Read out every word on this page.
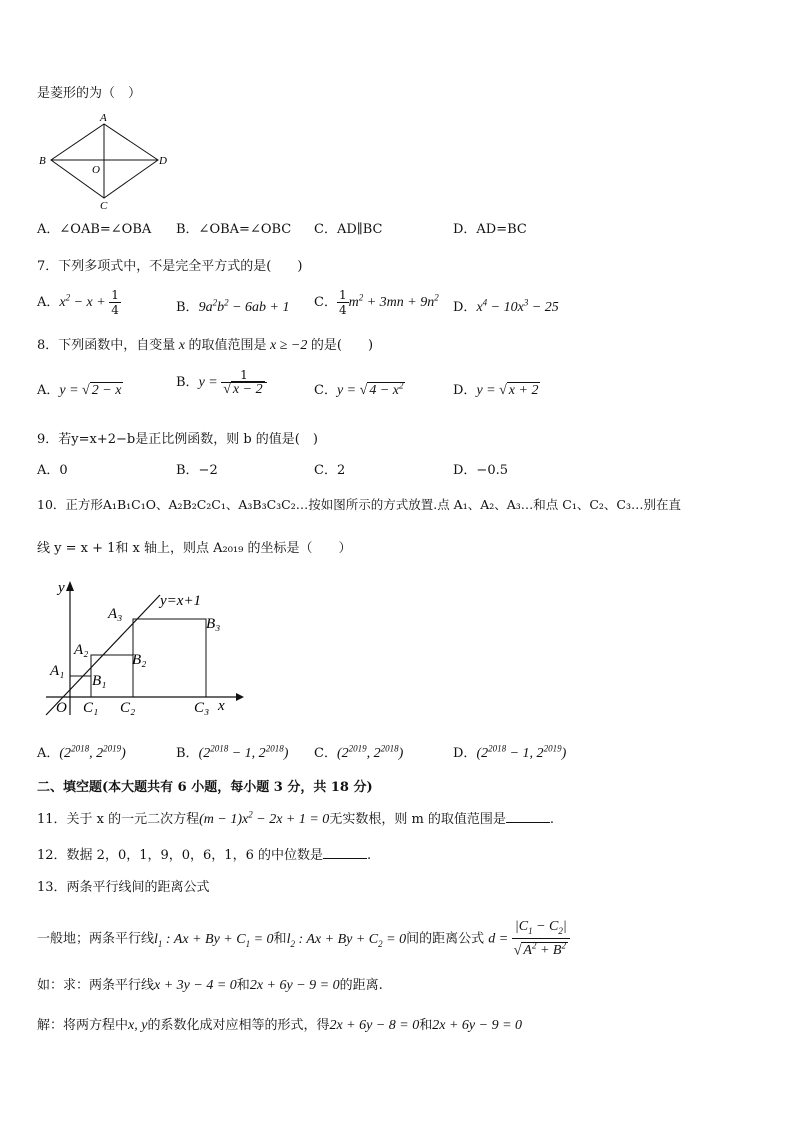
是菱形的为（　）
A
B
O
D
C
A．∠OAB=∠OBA B．∠OBA=∠OBC C．AD∥BC	D．AD=BC
7．下列多项式中，不是完全平方式的是(　　)
A．$x^2 - x + \frac{1}{4}$	B．$9a^2b^2 - 6ab + 1$ C． $\frac{1}{4} m^2 + 3mn + 9n^2$
D．$x^4 - 10x^3 - 25$
8．下列函数中，自变量 x 的取值范围是 x ≥ −2 的是(　　)
A．y = √ 2 − x
B．$y = \frac{1}{√ x - 2}$	C．y = √ $4 - x^2$	D．y = √ x + 2
9．若y=x+2−b是正比例函数，则 b 的值是(　)
A．0	B．−2	C．2	D．−0.5
10．正方形A₁B₁C₁O、A₂B₂C₂C₁、A₃B₃C₃C₂…按如图所示的方式放置.点 A₁、A₂、A₃…和点 C₁、C₂、C₃…别在直
线 y = x + 1和 x 轴上，则点 A₂₀₁₉ 的坐标是（　　）
y
x
y=x+1
O
A₁
A₂
A₃
B₁
B₂
B₃
C₁ C₂	C₃
A．($2^{2018}$, $2^{2019}$)	B．($2^{2018} - 1$, $2^{2018}$) C．($2^{2019}$, $2^{2018}$)	D．($2^{2018} - 1$, $2^{2019}$)
二、填空题(本大题共有 6 小题，每小题 3 分，共 18 分)
11．关于 x 的一元二次方程$(m - 1)x^2 - 2x + 1 = 0$无实数根，则 m 的取值范围是	.
12．数据 2，0，1，9，0，6，1，6 的中位数是	.
13．两条平行线间的距离公式
一般地；两条平行线$l_1$ : $Ax + By + C_1 = 0$和$l_2$ : $Ax + By + C_2 = 0$间的距离公式 $d = \frac{|C_1 - C_2|}{√ A^2 + B^2}$
如：求：两条平行线x + 3y − 4 = 0和2x + 6y − 9 = 0的距离.
解：将两方程中x, y的系数化成对应相等的形式，得2x + 6y − 8 = 0和2x + 6y − 9 = 0
